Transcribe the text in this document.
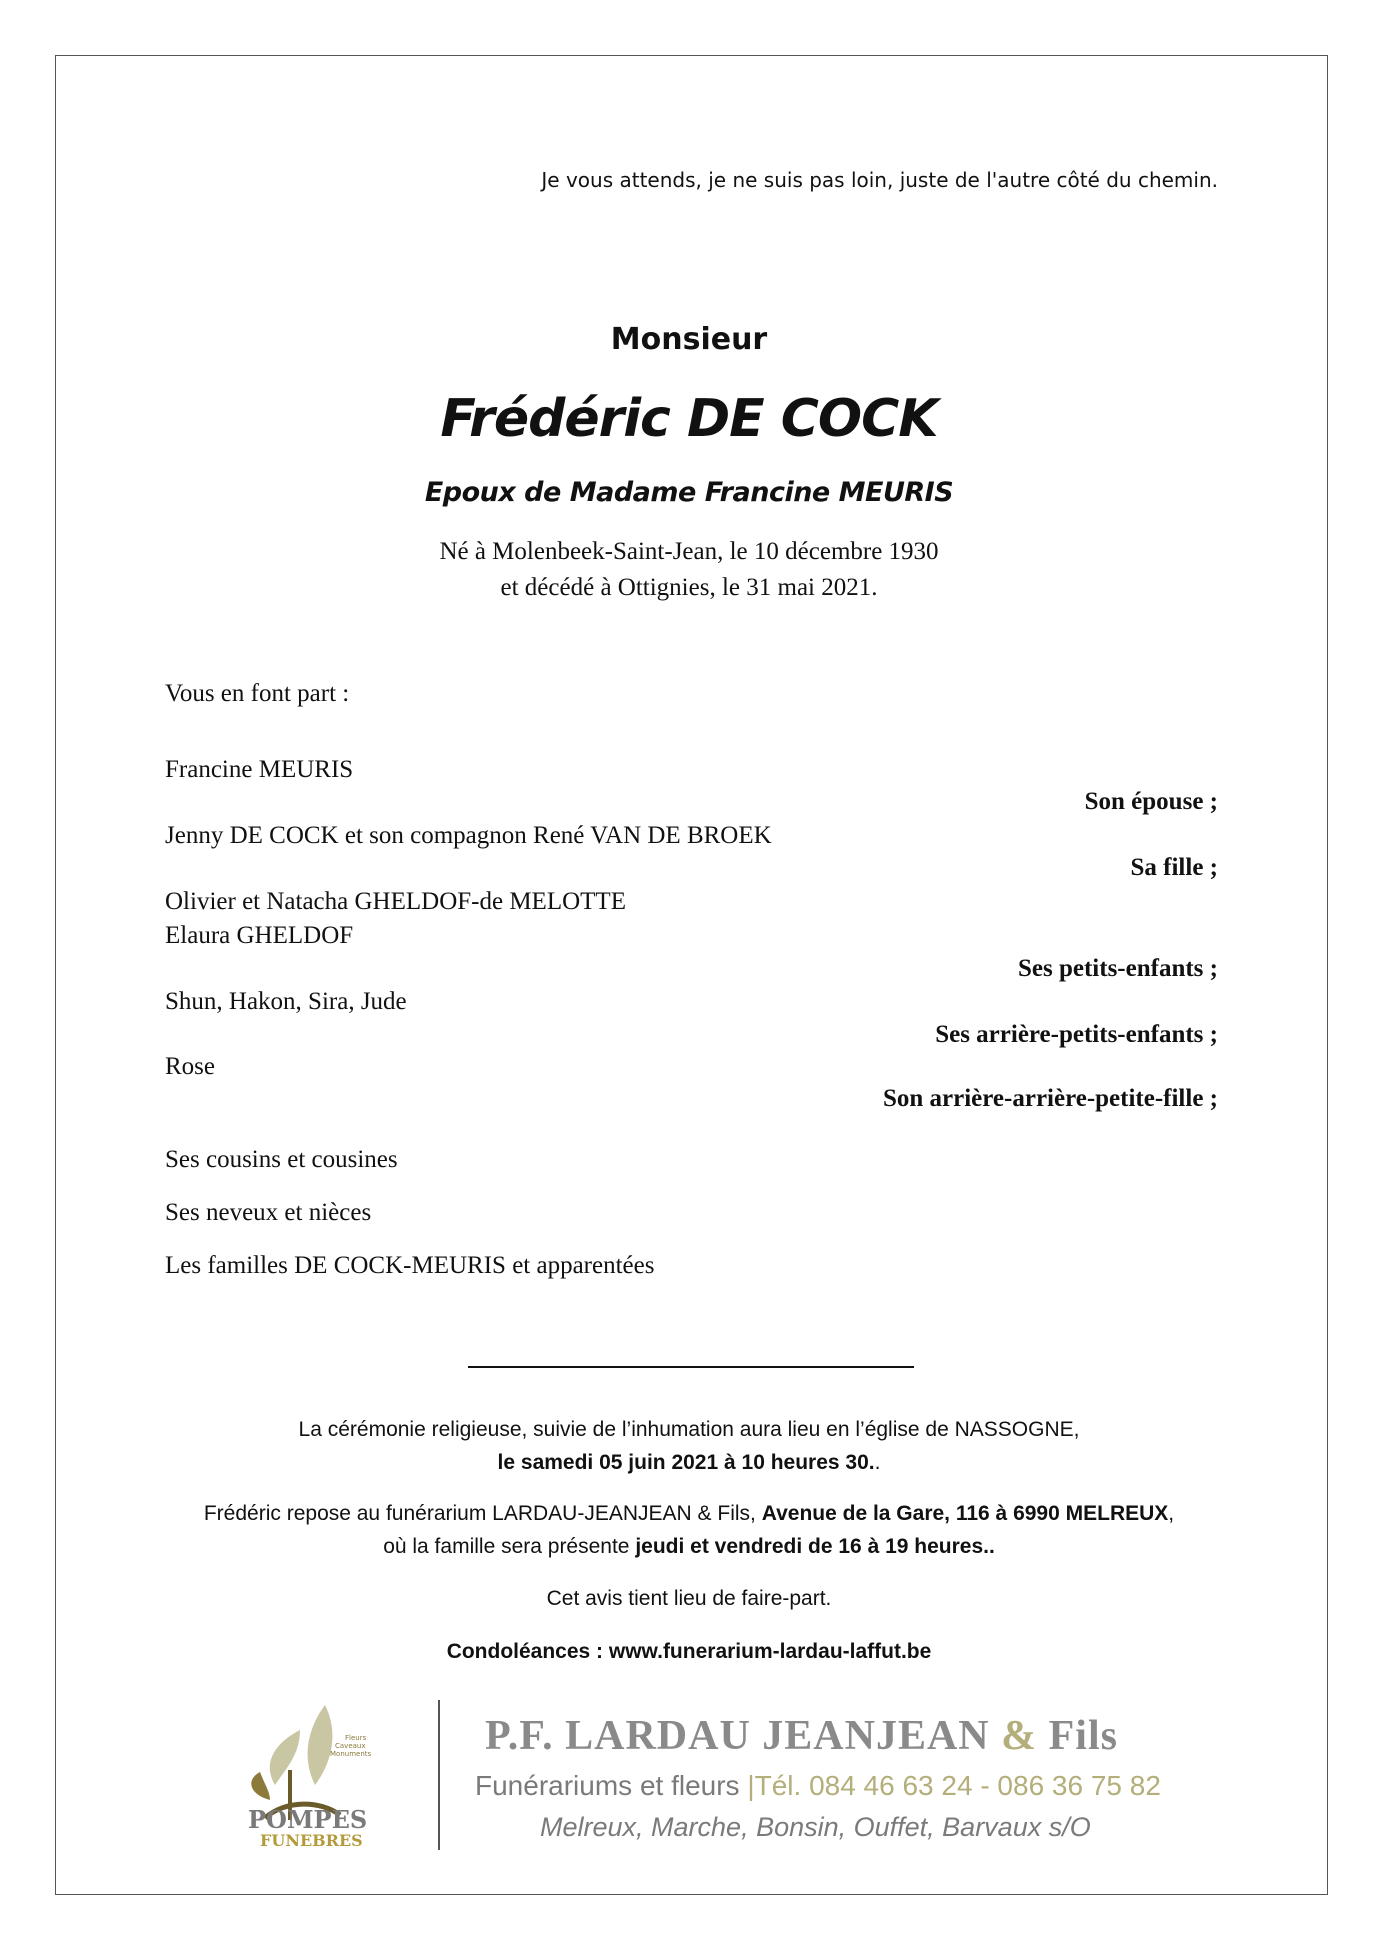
Je vous attends, je ne suis pas loin, juste de l'autre côté du chemin.
Monsieur
Frédéric DE COCK
Epoux de Madame Francine MEURIS
Né à Molenbeek-Saint-Jean, le 10 décembre 1930
et décédé à Ottignies, le 31 mai 2021.
Vous en font part :
Francine MEURIS
Son épouse ;
Jenny DE COCK et son compagnon René VAN DE BROEK
Sa fille ;
Olivier et Natacha GHELDOF-de MELOTTE
Elaura GHELDOF
Ses petits-enfants ;
Shun, Hakon, Sira, Jude
Ses arrière-petits-enfants ;
Rose
Son arrière-arrière-petite-fille ;
Ses cousins et cousines
Ses neveux et nièces
Les familles DE COCK-MEURIS et apparentées
La cérémonie religieuse, suivie de l’inhumation aura lieu en l’église de NASSOGNE,
le samedi 05 juin 2021 à 10 heures 30..
Frédéric repose au funérarium LARDAU-JEANJEAN & Fils, Avenue de la Gare, 116 à 6990 MELREUX,
où la famille sera présente jeudi et vendredi de 16 à 19 heures..
Cet avis tient lieu de faire-part.
Condoléances : www.funerarium-lardau-laffut.be
Fleurs
Caveaux
Monuments
POMPES
FUNEBRES
P.F. LARDAU JEANJEAN & Fils
Funérariums et fleurs |Tél. 084 46 63 24 - 086 36 75 82
Melreux, Marche, Bonsin, Ouffet, Barvaux s/O
